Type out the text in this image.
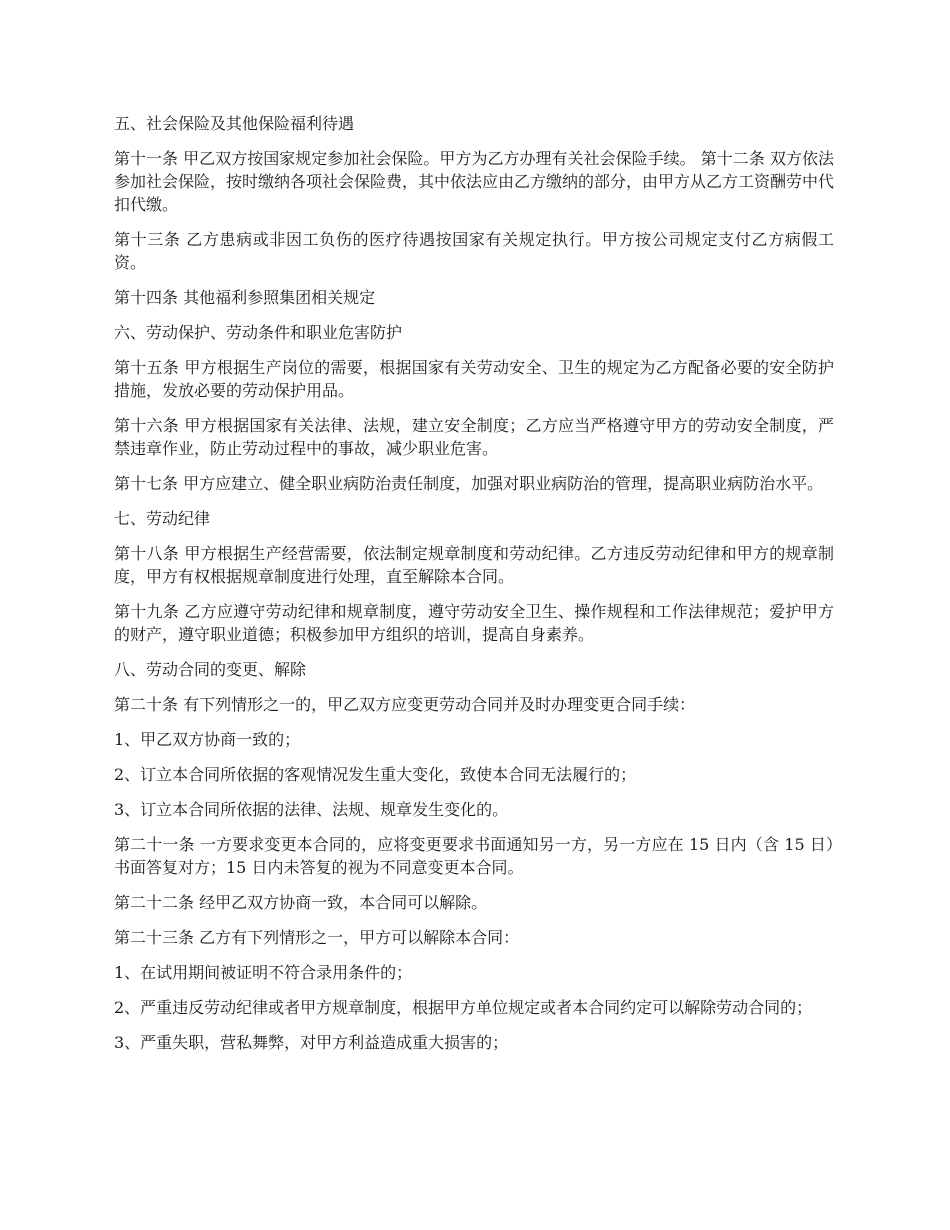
五、社会保险及其他保险福利待遇

第十一条 甲乙双方按国家规定参加社会保险。甲方为乙方办理有关社会保险手续。 第十二条 双方依法参加社会保险，按时缴纳各项社会保险费，其中依法应由乙方缴纳的部分，由甲方从乙方工资酬劳中代扣代缴。

第十三条 乙方患病或非因工负伤的医疗待遇按国家有关规定执行。甲方按公司规定支付乙方病假工资。

第十四条 其他福利参照集团相关规定

六、劳动保护、劳动条件和职业危害防护

第十五条 甲方根据生产岗位的需要，根据国家有关劳动安全、卫生的规定为乙方配备必要的安全防护措施，发放必要的劳动保护用品。

第十六条 甲方根据国家有关法律、法规，建立安全制度；乙方应当严格遵守甲方的劳动安全制度，严禁违章作业，防止劳动过程中的事故，减少职业危害。

第十七条 甲方应建立、健全职业病防治责任制度，加强对职业病防治的管理，提高职业病防治水平。

七、劳动纪律

第十八条 甲方根据生产经营需要，依法制定规章制度和劳动纪律。乙方违反劳动纪律和甲方的规章制度，甲方有权根据规章制度进行处理，直至解除本合同。

第十九条 乙方应遵守劳动纪律和规章制度，遵守劳动安全卫生、操作规程和工作法律规范；爱护甲方的财产，遵守职业道德；积极参加甲方组织的培训，提高自身素养。

八、劳动合同的变更、解除

第二十条 有下列情形之一的，甲乙双方应变更劳动合同并及时办理变更合同手续：

1、甲乙双方协商一致的；

2、订立本合同所依据的客观情况发生重大变化，致使本合同无法履行的；

3、订立本合同所依据的法律、法规、规章发生变化的。

第二十一条 一方要求变更本合同的，应将变更要求书面通知另一方，另一方应在 15 日内（含 15 日）书面答复对方；15 日内未答复的视为不同意变更本合同。

第二十二条 经甲乙双方协商一致，本合同可以解除。

第二十三条 乙方有下列情形之一，甲方可以解除本合同：

1、在试用期间被证明不符合录用条件的；

2、严重违反劳动纪律或者甲方规章制度，根据甲方单位规定或者本合同约定可以解除劳动合同的；

3、严重失职，营私舞弊，对甲方利益造成重大损害的；
